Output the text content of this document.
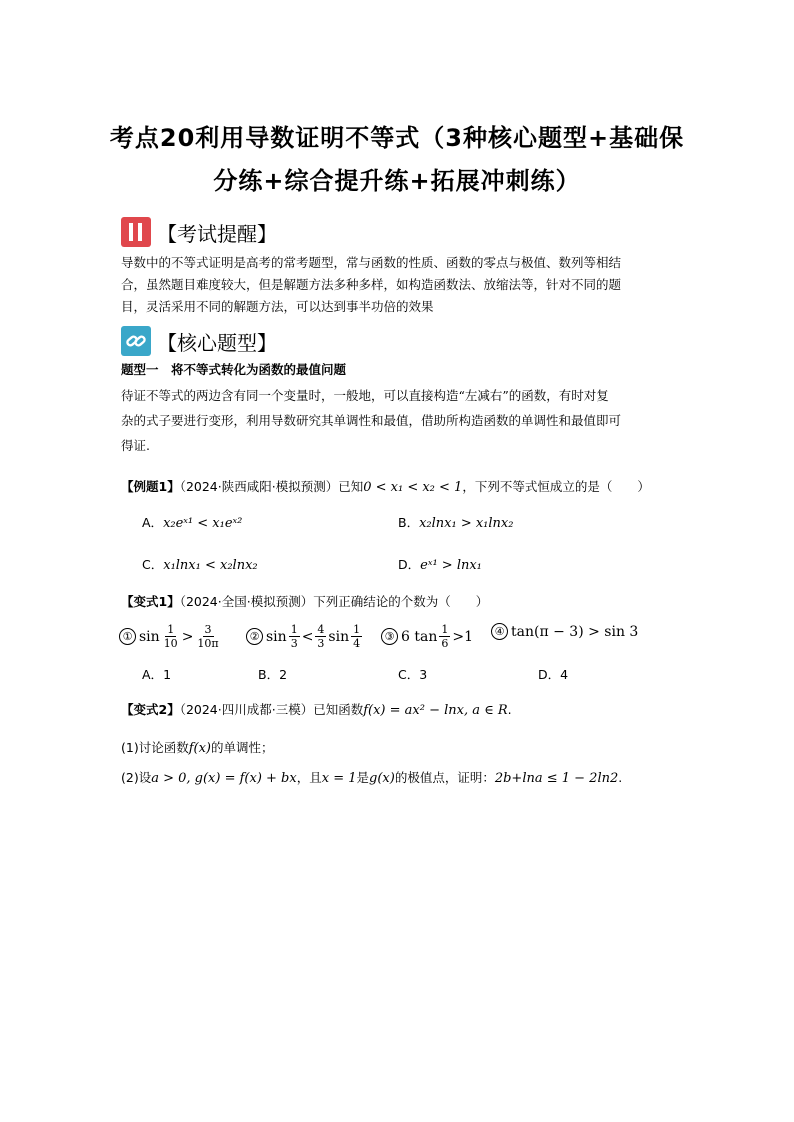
考点20利用导数证明不等式（3种核心题型+基础保
分练+综合提升练+拓展冲刺练）
【考试提醒】
导数中的不等式证明是高考的常考题型，常与函数的性质、函数的零点与极值、数列等相结
合，虽然题目难度较大，但是解题方法多种多样，如构造函数法、放缩法等，针对不同的题
目，灵活采用不同的解题方法，可以达到事半功倍的效果
【核心题型】
题型一　将不等式转化为函数的最值问题
待证不等式的两边含有同一个变量时，一般地，可以直接构造“左减右”的函数，有时对复
杂的式子要进行变形，利用导数研究其单调性和最值，借助所构造函数的单调性和最值即可
得证.
【例题1】（2024·陕西咸阳·模拟预测）已知0 < x₁ < x₂ < 1，下列不等式恒成立的是（　　）
A．x₂eˣ¹ < x₁eˣ²	B．x₂lnx₁ > x₁lnx₂
C．x₁lnx₁ < x₂lnx₂	D．eˣ¹ > lnx₁
【变式1】（2024·全国·模拟预测）下列正确结论的个数为（　　）
① $\sin \frac{1}{10} > \frac{3}{10\pi}$	② $\sin \frac{1}{3} < \frac{4}{3}$ $\sin \frac{1}{4}$	③ 6 $\tan \frac{1}{6} >1$	④ tan(π − 3) > sin 3
A．1	B．2	C．3	D．4
【变式2】（2024·四川成都·三模）已知函数f(x) = ax² − lnx, a ∈ R.
(1)讨论函数f(x)的单调性；
(2)设a > 0, g(x) = f(x) + bx，且x = 1是g(x)的极值点，证明：2b+lna ≤ 1 − 2ln2.
